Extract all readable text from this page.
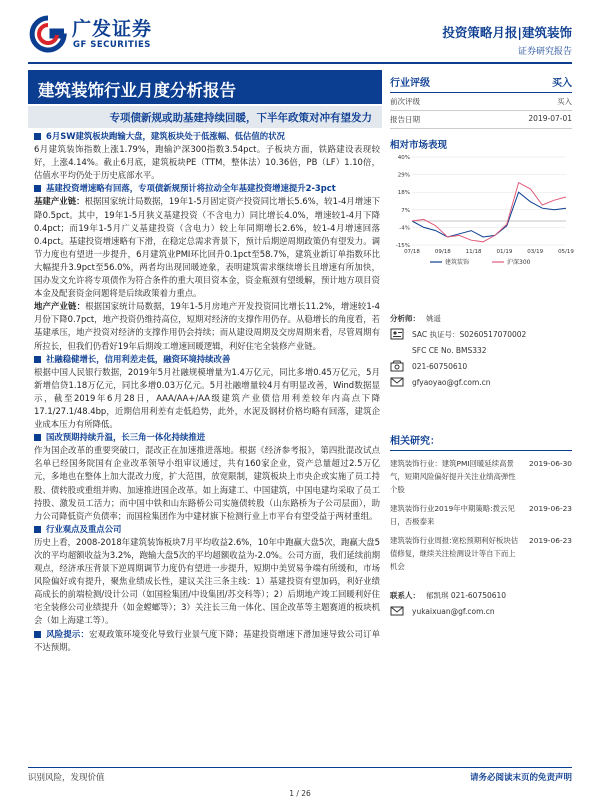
广发证券
GF SECURITIES
投资策略月报|建筑装饰
证券研究报告
建筑装饰行业月度分析报告
专项债新规或助基建持续回暖，下半年政策对冲有望发力

6月SW建筑板块跑输大盘，建筑板块处于低涨幅、低估值的状况

6月建筑装饰指数上涨1.79%，跑输沪深300指数3.54pct。子板块方面，铁路建设表现较好，上涨4.14%。截止6月底，建筑板块PE（TTM，整体法）10.36倍，PB（LF）1.10倍，估值水平均仍处于历史底部水平。

基建投资增速略有回落，专项债新规预计将拉动全年基建投资增速提升2-3pct

基建产业链：根据国家统计局数据，19年1-5月固定资产投资同比增长5.6%，较1-4月增速下降0.5pct。其中，19年1-5月狭义基建投资（不含电力）同比增长4.0%，增速较1-4月下降0.4pct；而19年1-5月广义基建投资（含电力）较上年同期增长2.6%，较1-4月增速回落0.4pct。基建投资增速略有下滑，在稳定总需求背景下，预计后期逆周期政策仍有望发力。调节力度也有望进一步提升，6月建筑业PMI环比回升0.1pct至58.7%，建筑业新订单指数环比大幅提升3.9pct至56.0%，两者均出现回暖迹象，表明建筑需求继续增长且增速有所加快，国办发文允许将专项债作为符合条件的重大项目资本金，资金瓶颈有望缓解，预计地方项目资本金及配套资金问题将是后续政策着力重点。

地产产业链：根据国家统计局数据，19年1-5月房地产开发投资同比增长11.2%，增速较1-4月份下降0.7pct，地产投资仍维持高位，短期对经济的支撑作用仍存。从稳增长的角度看，若基建承压，地产投资对经济的支撑作用仍会持续；而从建设周期及交房周期来看，尽管周期有所拉长，但我们仍看好19年后期竣工增速回暖逻辑，利好住宅全装修产业链。

社融稳健增长，信用利差走低，融资环境持续改善

根据中国人民银行数据，2019年5月社融规模增量为1.4万亿元，同比多增0.45万亿元，5月新增信贷1.18万亿元，同比多增0.03万亿元。5月社融增量较4月有明显改善，Wind数据显示，截至2019年6月28日，AAA/AA+/AA级建筑产业债信用利差较年内高点下降17.1/27.1/48.4bp，近期信用利差有走低趋势，此外，水泥及钢材价格均略有回落，建筑企业成本压力有所降低。

国改预期持续升温，长三角一体化持续推进

作为国企改革的重要突破口，混改正在加速推进落地。根据《经济参考报》，第四批混改试点名单已经国务院国有企业改革领导小组审议通过，共有160家企业，资产总量超过2.5万亿元，多地也在整体上加大混改力度，扩大范围，放宽限制，建筑板块上市央企或实施了员工持股、债转股或重组并购、加速推进国企改革。如上海建工、中国建筑，中国电建均采取了员工持股、激发员工活力；而中国中铁和山东路桥公司实施债转股（山东路桥为子公司层面），助力公司降低资产负债率；而国检集团作为中建材旗下检测行业上市平台有望受益于两材重组。

行业观点及重点公司

历史上看，2008-2018年建筑装饰板块7月平均收益2.6%，10年中跑赢大盘5次，跑赢大盘5次的平均超额收益为3.2%，跑输大盘5次的平均超额收益为-2.0%。公司方面，我们延续前期观点，经济承压背景下逆周期调节力度仍有望进一步提升，短期中美贸易争端有所缓和，市场风险偏好或有提升，聚焦业绩成长性，建议关注三条主线：1）基建投资有望加码，利好业绩高成长的前端检测/设计公司（如国检集团/中设集团/苏交科等）；2）后期地产竣工回暖利好住宅全装修公司业绩提升（如金螳螂等）；3）关注长三角一体化、国企改革等主题赛道的板块机会（如上海建工等）。

风险提示：宏观政策环境变化导致行业景气度下降；基建投资增速下滑加速导致公司订单不达预期。

行业评级	买入
前次评级	买入
报告日期	2019-07-01
相对市场表现
40%
29%
18%
7%
-4%
-15%
07/18	09/18	11/18	01/19	03/19	05/19
建筑装饰	沪深300
分析师： 姚遥
SAC 执证号：S0260517070002
SFC CE No. BMS332
021-60750610
gfyaoyao@gf.com.cn
相关研究：
建筑装饰行业：建筑PMI回暖延续高景气，短期风险偏好提升关注业绩高弹性个股
2019-06-30
建筑装饰行业2019年中期策略:拨云见日，否极泰来
2019-06-23
建筑装饰行业周报:宽松预期利好板块估值修复，继续关注检测设计等自下而上机会
2019-06-23
联系人： 郁凯琪 021-60750610
yukaixuan@gf.com.cn
识别风险，发现价值	请务必阅读末页的免责声明
1 / 26
